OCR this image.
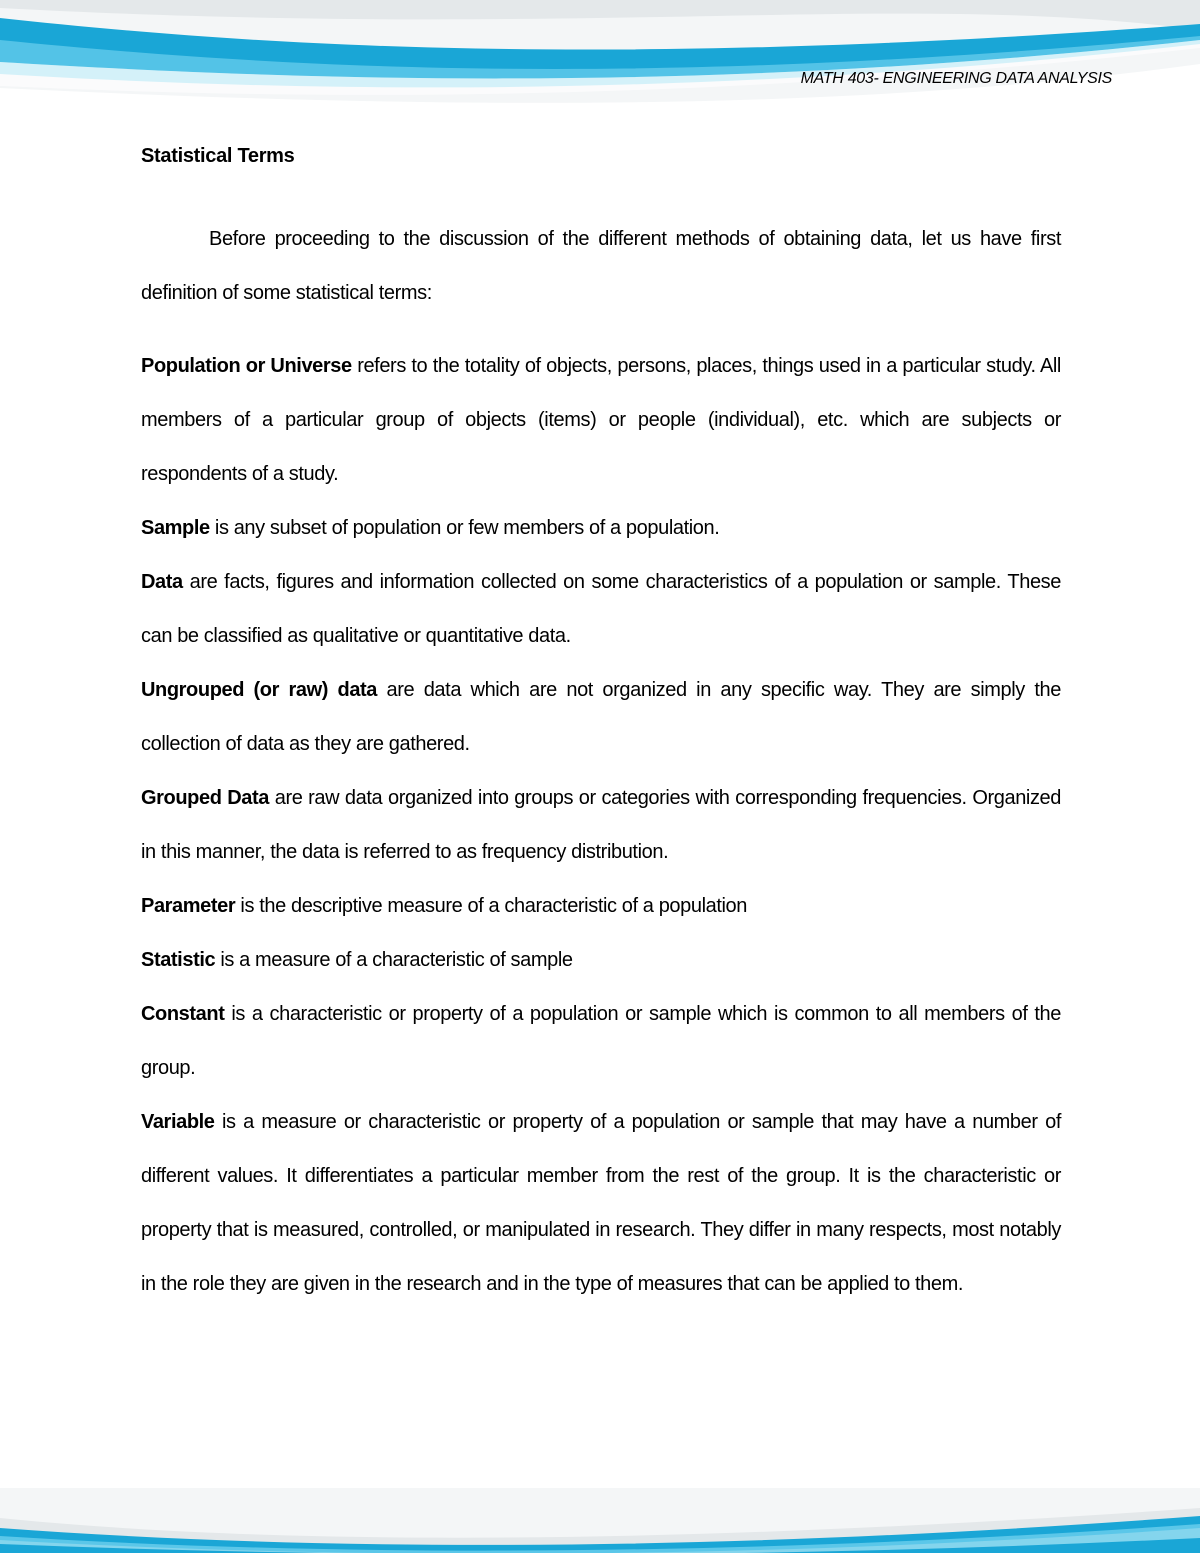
MATH 403- ENGINEERING DATA ANALYSIS
Statistical Terms

Before proceeding to the discussion of the different methods of obtaining data, let us have first definition of some statistical terms:

Population or Universe refers to the totality of objects, persons, places, things used in a particular study. All members of a particular group of objects (items) or people (individual), etc. which are subjects or respondents of a study.

Sample is any subset of population or few members of a population.

Data are facts, figures and information collected on some characteristics of a population or sample. These can be classified as qualitative or quantitative data.

Ungrouped (or raw) data are data which are not organized in any specific way. They are simply the collection of data as they are gathered.

Grouped Data are raw data organized into groups or categories with corresponding frequencies. Organized in this manner, the data is referred to as frequency distribution.

Parameter is the descriptive measure of a characteristic of a population

Statistic is a measure of a characteristic of sample

Constant is a characteristic or property of a population or sample which is common to all members of the group.

Variable is a measure or characteristic or property of a population or sample that may have a number of different values. It differentiates a particular member from the rest of the group. It is the characteristic or property that is measured, controlled, or manipulated in research. They differ in many respects, most notably in the role they are given in the research and in the type of measures that can be applied to them.
